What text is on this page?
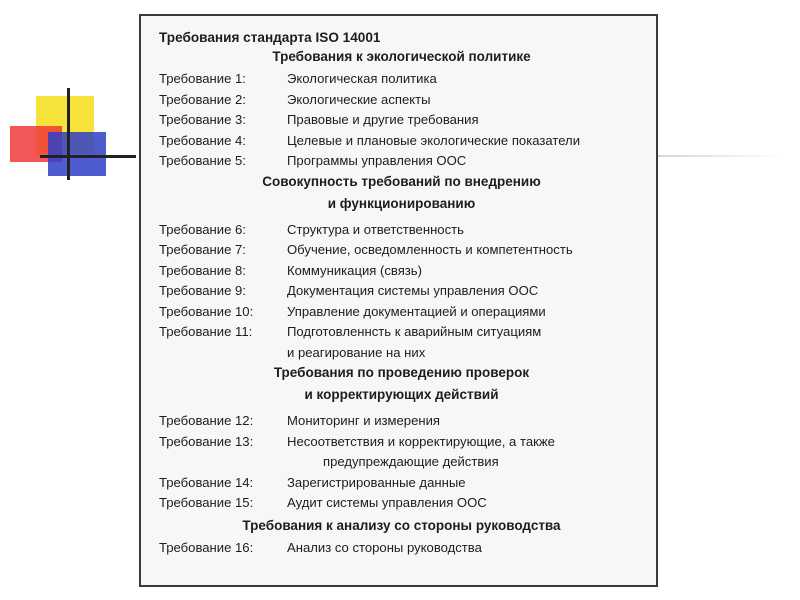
Требования стандарта ISO 14001
Требования к экологической политике
Требование 1:	Экологическая политика
Требование 2:	Экологические аспекты
Требование 3:	Правовые и другие требования
Требование 4:	Целевые и плановые экологические показатели
Требование 5:	Программы управления ООС
Совокупность требований по внедрению
и функционированию
Требование 6:	Структура и ответственность
Требование 7:	Обучение, осведомленность и компетентность
Требование 8:	Коммуникация (связь)
Требование 9:	Документация системы управления ООС
Требование 10:	Управление документацией и операциями
Требование 11:	Подготовленнсть к аварийным ситуациям
и реагирование на них
Требования по проведению проверок
и корректирующих действий
Требование 12:	Мониторинг и измерения
Требование 13:	Несоответствия и корректирующие, а также
предупреждающие действия
Требование 14:	Зарегистрированные данные
Требование 15:	Аудит системы управления ООС
Требования к анализу со стороны руководства
Требование 16:	Анализ со стороны руководства
